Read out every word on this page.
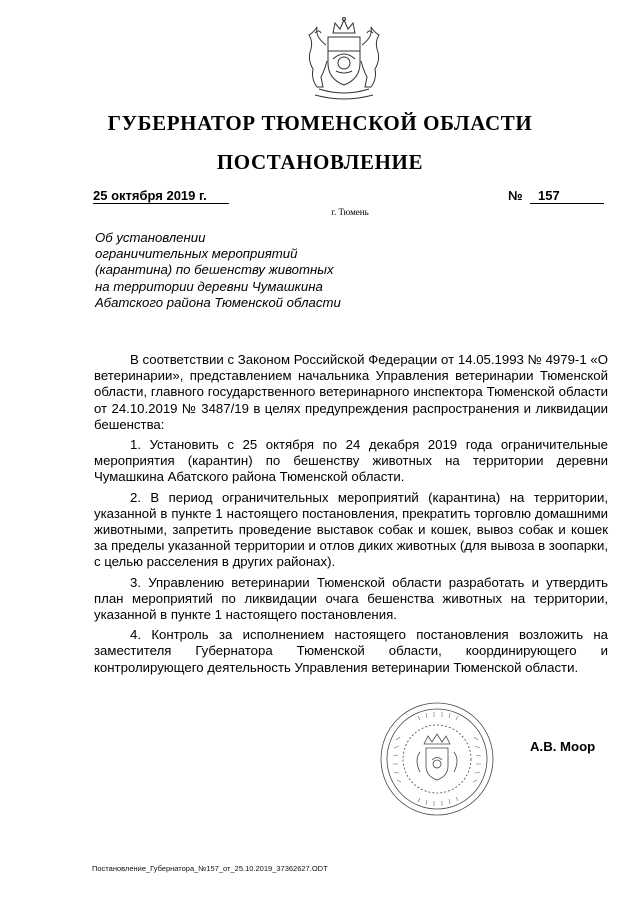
ГУБЕРНАТОР ТЮМЕНСКОЙ ОБЛАСТИ
ПОСТАНОВЛЕНИЕ
25 октября 2019 г.	№	157
г. Тюмень
Об установлении
ограничительных мероприятий
(карантина) по бешенству животных
на территории деревни Чумашкина
Абатского района Тюменской области

В соответствии с Законом Российской Федерации от 14.05.1993 № 4979-1 «О ветеринарии», представлением начальника Управления ветеринарии Тюменской области, главного государственного ветеринарного инспектора Тюменской области от 24.10.2019 № 3487/19 в целях предупреждения распространения и ликвидации бешенства:

1. Установить с 25 октября по 24 декабря 2019 года ограничительные мероприятия (карантин) по бешенству животных на территории деревни Чумашкина Абатского района Тюменской области.

2. В период ограничительных мероприятий (карантина) на территории, указанной в пункте 1 настоящего постановления, прекратить торговлю домашними животными, запретить проведение выставок собак и кошек, вывоз собак и кошек за пределы указанной территории и отлов диких животных (для вывоза в зоопарки, с целью расселения в других районах).

3. Управлению ветеринарии Тюменской области разработать и утвердить план мероприятий по ликвидации очага бешенства животных на территории, указанной в пункте 1 настоящего постановления.

4. Контроль за исполнением настоящего постановления возложить на заместителя Губернатора Тюменской области, координирующего и контролирующего деятельность Управления ветеринарии Тюменской области.

А.В. Моор
Постановление_Губернатора_№157_от_25.10.2019_37362627.ODT
